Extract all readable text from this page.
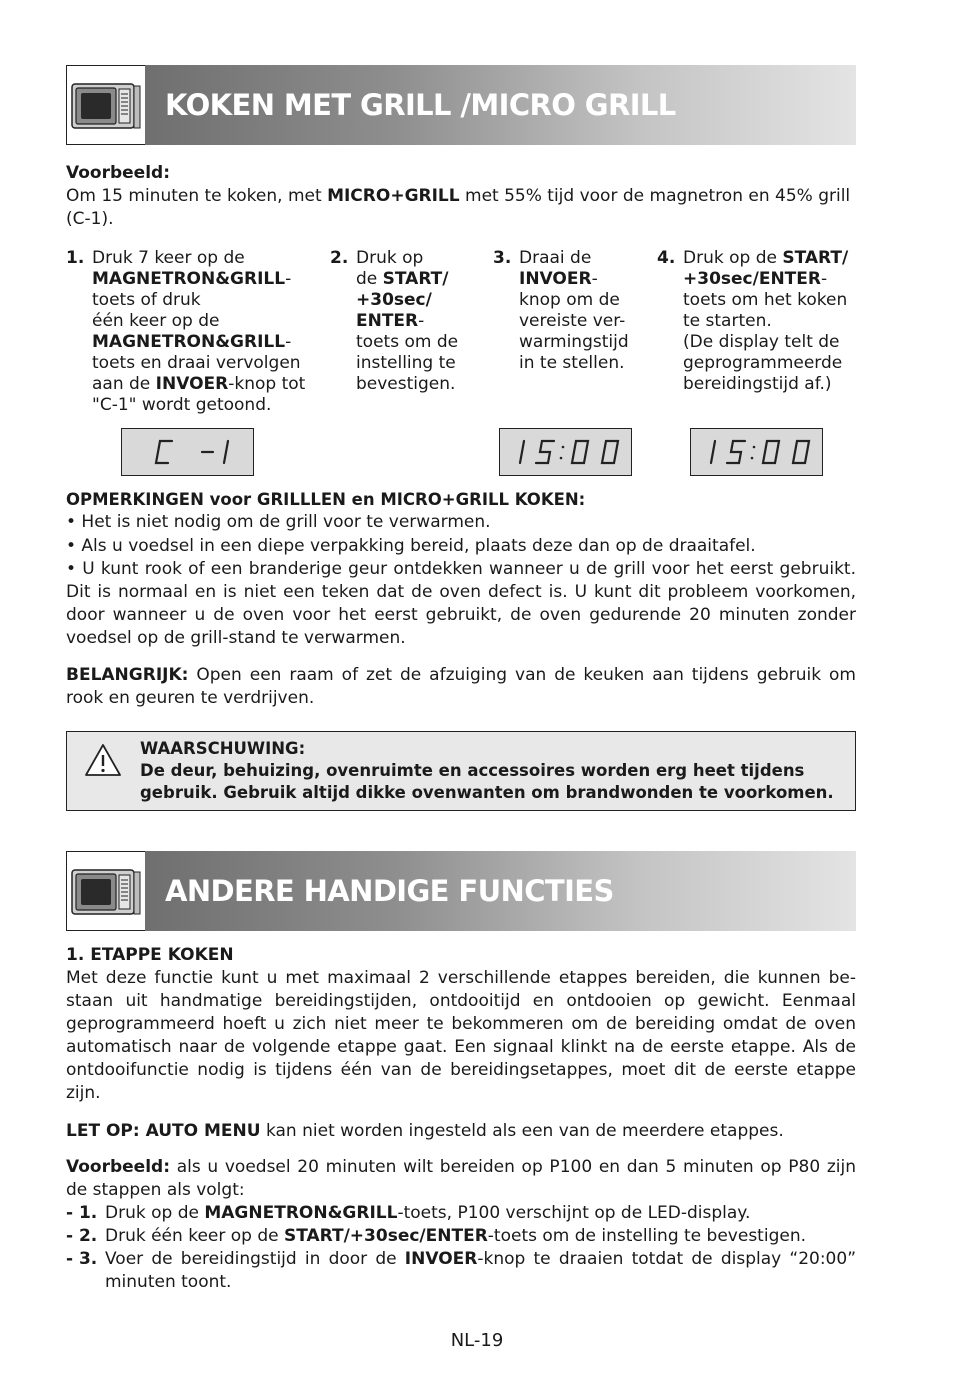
KOKEN MET GRILL /MICRO GRILL
Voorbeeld:
Om 15 minuten te koken, met MICRO+GRILL met 55% tijd voor de magnetron en 45% grill
(C-1).
1. Druk 7 keer op de
MAGNETRON&GRILL-
toets of druk
één keer op de
MAGNETRON&GRILL-
toets en draai vervolgen
aan de INVOER-knop tot
"C-1" wordt getoond.
2. Druk op
de START/
+30sec/
ENTER-
toets om de
instelling te
bevestigen.
3. Draai de
INVOER-
knop om de
vereiste ver-
warmingstijd
in te stellen.
4. Druk op de START/
+30sec/ENTER-
toets om het koken
te starten.
(De display telt de
geprogrammeerde
bereidingstijd af.)
OPMERKINGEN voor GRILLLEN en MICRO+GRILL KOKEN:
• Het is niet nodig om de grill voor te verwarmen.
• Als u voedsel in een diepe verpakking bereid, plaats deze dan op de draaitafel.
• U kunt rook of een branderige geur ontdekken wanneer u de grill voor het eerst gebruikt. Dit is normaal en is niet een teken dat de oven defect is. U kunt dit probleem voorkomen, door wanneer u de oven voor het eerst gebruikt, de oven gedurende 20 minuten zonder voedsel op de grill-stand te verwarmen.
BELANGRIJK: Open een raam of zet de afzuiging van de keuken aan tijdens gebruik om rook en geuren te verdrijven.
WAARSCHUWING:
De deur, behuizing, ovenruimte en accessoires worden erg heet tijdens
gebruik. Gebruik altijd dikke ovenwanten om brandwonden te voorkomen.
ANDERE HANDIGE FUNCTIES
1. ETAPPE KOKEN
Met deze functie kunt u met maximaal 2 verschillende etappes bereiden, die kunnen be-staan uit handmatige bereidingstijden, ontdooitijd en ontdooien op gewicht. Eenmaal geprogrammeerd hoeft u zich niet meer te bekommeren om de bereiding omdat de oven automatisch naar de volgende etappe gaat. Een signaal klinkt na de eerste etappe. Als de ontdooifunctie nodig is tijdens één van de bereidingsetappes, moet dit de eerste etappe zijn.
LET OP: AUTO MENU kan niet worden ingesteld als een van de meerdere etappes.
Voorbeeld: als u voedsel 20 minuten wilt bereiden op P100 en dan 5 minuten op P80 zijn de stappen als volgt:
- 1. Druk op de MAGNETRON&GRILL-toets, P100 verschijnt op de LED-display.
- 2. Druk één keer op de START/+30sec/ENTER-toets om de instelling te bevestigen.
- 3. Voer de bereidingstijd in door de INVOER-knop te draaien totdat de display “20:00” minuten toont.
NL-19
